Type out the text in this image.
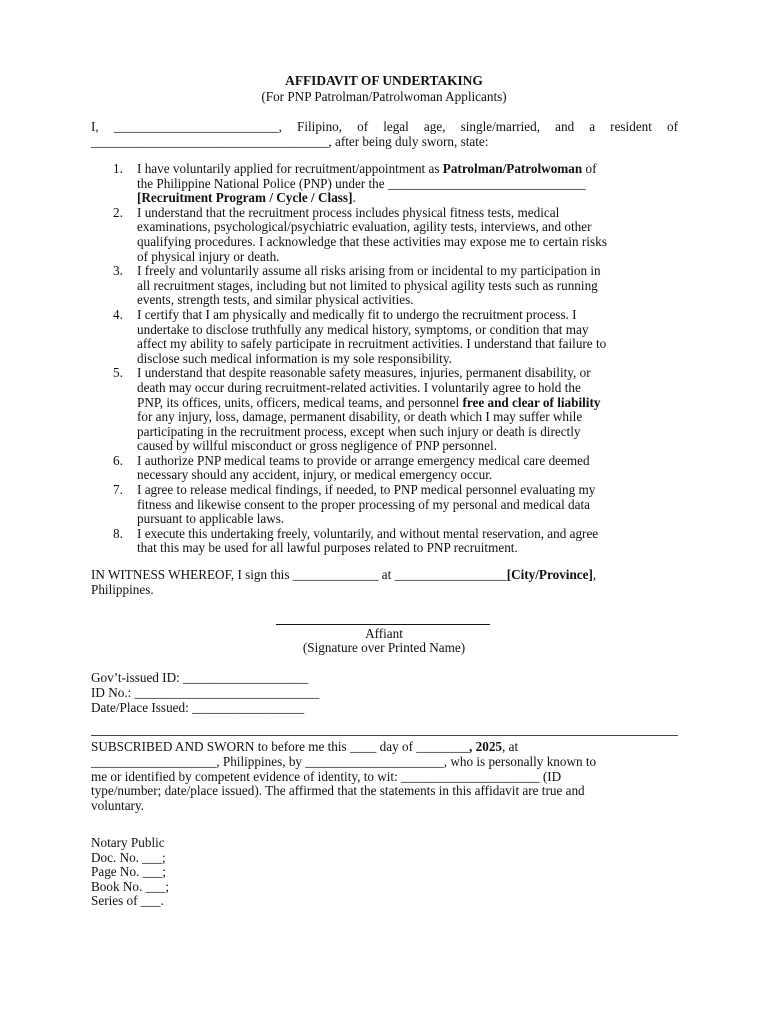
AFFIDAVIT OF UNDERTAKING
(For PNP Patrolman/Patrolwoman Applicants)
I, _________________________, Filipino, of legal age, single/married, and a resident of
____________________________________, after being duly sworn, state:
1. I have voluntarily applied for recruitment/appointment as Patrolman/Patrolwoman of
the Philippine National Police (PNP) under the ______________________________
[Recruitment Program / Cycle / Class].
2. I understand that the recruitment process includes physical fitness tests, medical
examinations, psychological/psychiatric evaluation, agility tests, interviews, and other
qualifying procedures. I acknowledge that these activities may expose me to certain risks
of physical injury or death.
3. I freely and voluntarily assume all risks arising from or incidental to my participation in
all recruitment stages, including but not limited to physical agility tests such as running
events, strength tests, and similar physical activities.
4. I certify that I am physically and medically fit to undergo the recruitment process. I
undertake to disclose truthfully any medical history, symptoms, or condition that may
affect my ability to safely participate in recruitment activities. I understand that failure to
disclose such medical information is my sole responsibility.
5. I understand that despite reasonable safety measures, injuries, permanent disability, or
death may occur during recruitment-related activities. I voluntarily agree to hold the
PNP, its offices, units, officers, medical teams, and personnel free and clear of liability
for any injury, loss, damage, permanent disability, or death which I may suffer while
participating in the recruitment process, except when such injury or death is directly
caused by willful misconduct or gross negligence of PNP personnel.
6. I authorize PNP medical teams to provide or arrange emergency medical care deemed
necessary should any accident, injury, or medical emergency occur.
7. I agree to release medical findings, if needed, to PNP medical personnel evaluating my
fitness and likewise consent to the proper processing of my personal and medical data
pursuant to applicable laws.
8. I execute this undertaking freely, voluntarily, and without mental reservation, and agree
that this may be used for all lawful purposes related to PNP recruitment.
IN WITNESS WHEREOF, I sign this _____________ at _________________[City/Province],
Philippines.
Affiant
(Signature over Printed Name)
Gov’t-issued ID: ___________________
ID No.: ____________________________
Date/Place Issued: _________________
SUBSCRIBED AND SWORN to before me this ____ day of ________, 2025, at
___________________, Philippines, by _____________________, who is personally known to
me or identified by competent evidence of identity, to wit: _____________________ (ID
type/number; date/place issued). The affirmed that the statements in this affidavit are true and
voluntary.
Notary Public
Doc. No. ___;
Page No. ___;
Book No. ___;
Series of ___.
